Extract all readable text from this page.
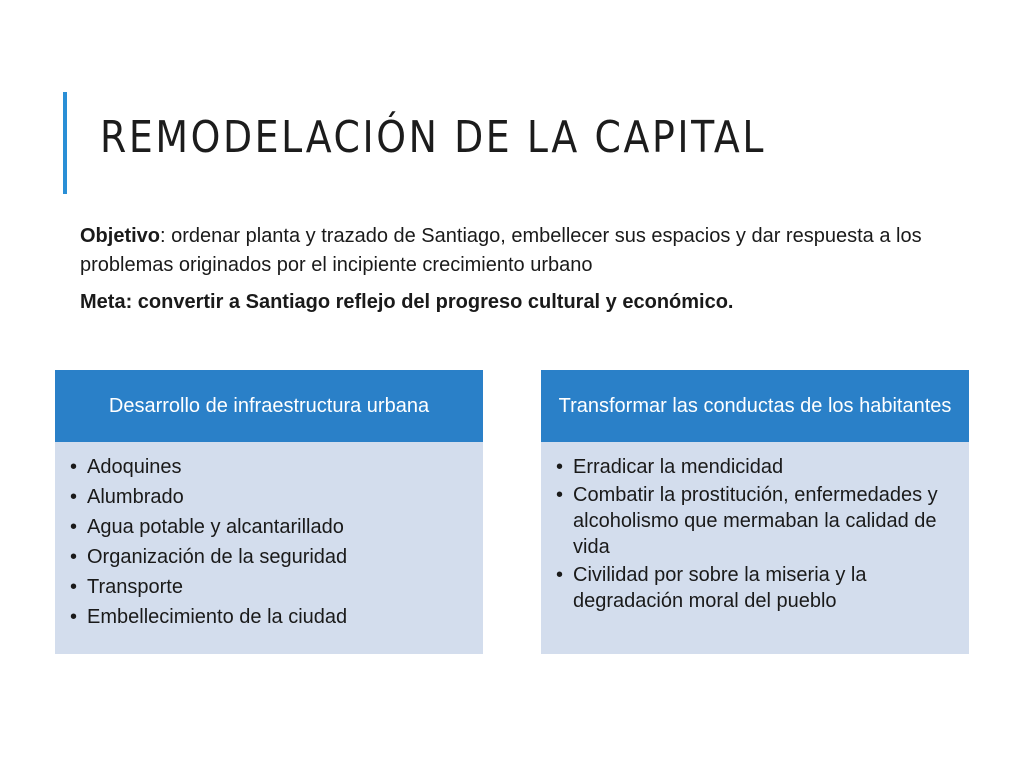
REMODELACIÓN DE LA CAPITAL

Objetivo: ordenar planta y trazado de Santiago, embellecer sus espacios y dar respuesta a los problemas originados por el incipiente crecimiento urbano

Meta: convertir a Santiago reflejo del progreso cultural y económico.

Desarrollo de infraestructura urbana
• Adoquines
• Alumbrado
• Agua potable y alcantarillado
• Organización de la seguridad
• Transporte
• Embellecimiento de la ciudad
Transformar las conductas de los habitantes
• Erradicar la mendicidad
• Combatir la prostitución, enfermedades y alcoholismo que mermaban la calidad de vida
• Civilidad por sobre la miseria y la degradación moral del pueblo
